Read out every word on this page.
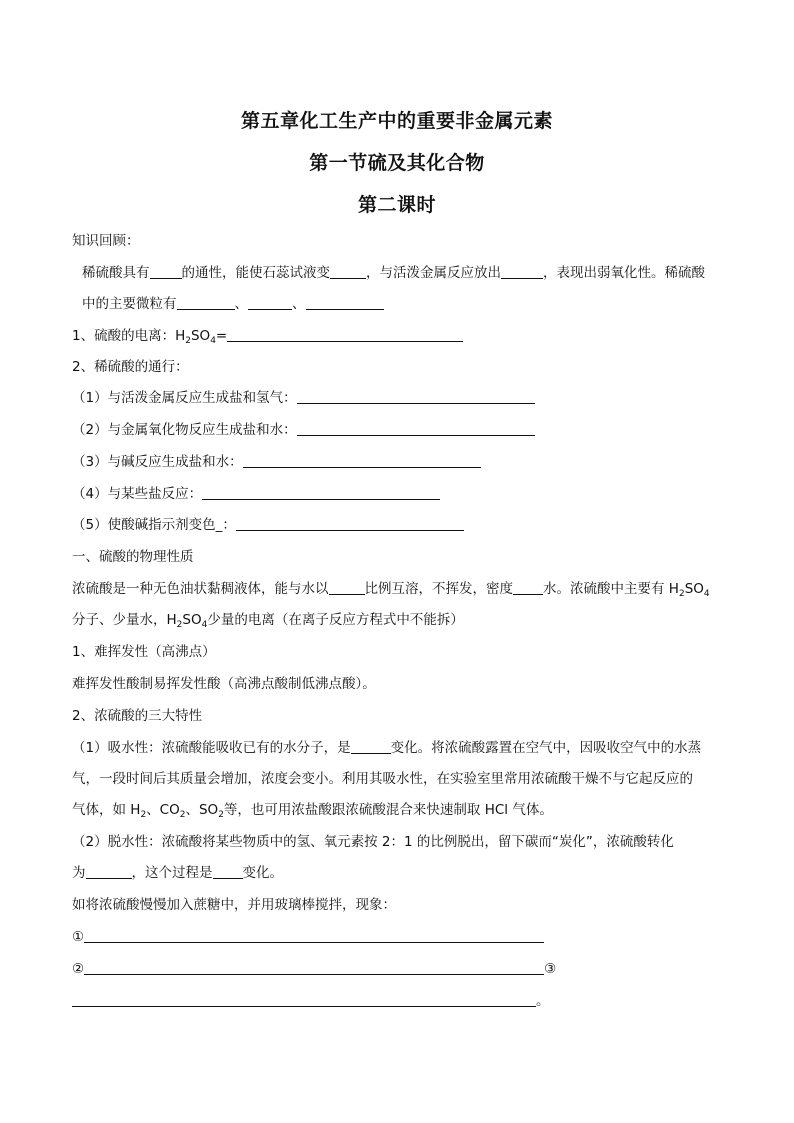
第五章化工生产中的重要非金属元素
第一节硫及其化合物
第二课时
知识回顾：
稀硫酸具有 的通性，能使石蕊试液变	，与活泼金属反应放出	，表现出弱氧化性。稀硫酸
中的主要微粒有	、	、
1、硫酸的电离：$H_2SO_4=$
2、稀硫酸的通行：
（1）与活泼金属反应生成盐和氢气：
（2）与金属氧化物反应生成盐和水：
（3）与碱反应生成盐和水：
（4）与某些盐反应：
（5）使酸碱指示剂变色_：
一、硫酸的物理性质
浓硫酸是一种无色油状黏稠液体，能与水以	比例互溶，不挥发，密度 水。浓硫酸中主要有 $H_2SO_4$
分子、少量水，$H_2SO_4$少量的电离（在离子反应方程式中不能拆）
1、难挥发性（高沸点）
难挥发性酸制易挥发性酸（高沸点酸制低沸点酸）。
2、浓硫酸的三大特性
（1）吸水性：浓硫酸能吸收已有的水分子，是	变化。将浓硫酸露置在空气中，因吸收空气中的水蒸
气，一段时间后其质量会增加，浓度会变小。利用其吸水性，在实验室里常用浓硫酸干燥不与它起反应的
气体，如 $H_2$、$CO_2$、$SO_2$等，也可用浓盐酸跟浓硫酸混合来快速制取 HCl 气体。
（2）脱水性：浓硫酸将某些物质中的氢、氧元素按 2：1 的比例脱出，留下碳而“炭化”，浓硫酸转化
为	，这个过程是 变化。
如将浓硫酸慢慢加入蔗糖中，并用玻璃棒搅拌，现象：
①
②	③
。
